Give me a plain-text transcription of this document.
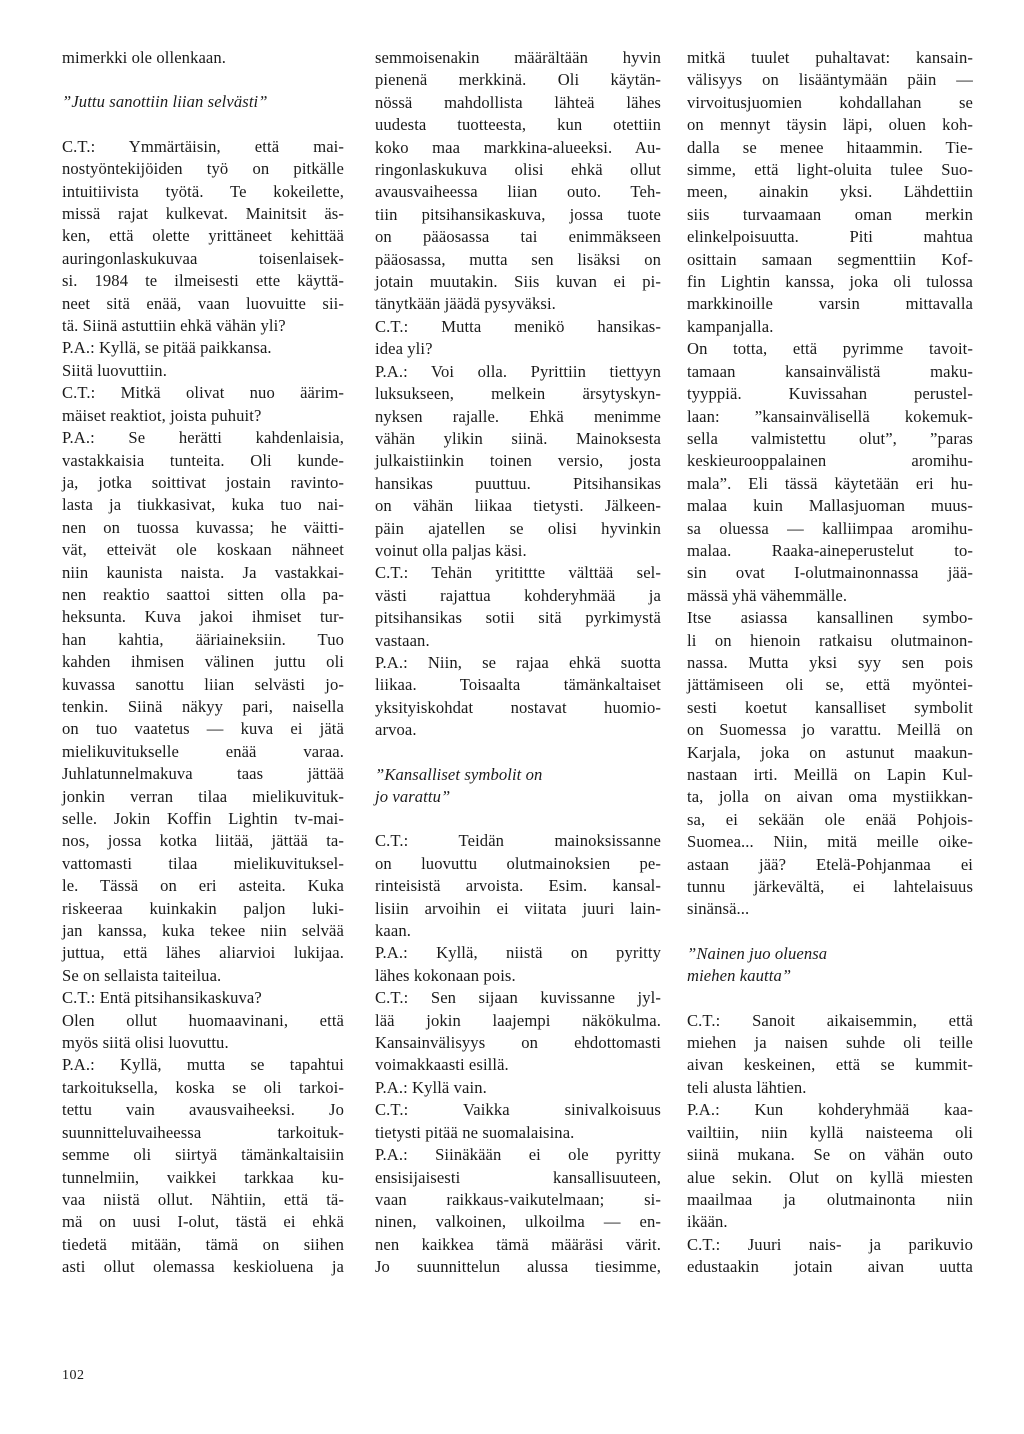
mimerkki ole ollenkaan.
”Juttu sanottiin liian selvästi”
C.T.: Ymmärtäisin, että mai-
nostyöntekijöiden työ on pitkälle
intuitiivista työtä. Te kokeilette,
missä rajat kulkevat. Mainitsit äs-
ken, että olette yrittäneet kehittää
auringonlaskukuvaa toisenlaisek-
si. 1984 te ilmeisesti ette käyttä-
neet sitä enää, vaan luovuitte sii-
tä. Siinä astuttiin ehkä vähän yli?
P.A.: Kyllä, se pitää paikkansa.
Siitä luovuttiin.
C.T.: Mitkä olivat nuo äärim-
mäiset reaktiot, joista puhuit?
P.A.: Se herätti kahdenlaisia,
vastakkaisia tunteita. Oli kunde-
ja, jotka soittivat jostain ravinto-
lasta ja tiukkasivat, kuka tuo nai-
nen on tuossa kuvassa; he väitti-
vät, etteivät ole koskaan nähneet
niin kaunista naista. Ja vastakkai-
nen reaktio saattoi sitten olla pa-
heksunta. Kuva jakoi ihmiset tur-
han kahtia, ääriaineksiin. Tuo
kahden ihmisen välinen juttu oli
kuvassa sanottu liian selvästi jo-
tenkin. Siinä näkyy pari, naisella
on tuo vaatetus — kuva ei jätä
mielikuvitukselle enää varaa.
Juhlatunnelmakuva taas jättää
jonkin verran tilaa mielikuvituk-
selle. Jokin Koffin Lightin tv-mai-
nos, jossa kotka liitää, jättää ta-
vattomasti tilaa mielikuvituksel-
le. Tässä on eri asteita. Kuka
riskeeraa kuinkakin paljon luki-
jan kanssa, kuka tekee niin selvää
juttua, että lähes aliarvioi lukijaa.
Se on sellaista taiteilua.
C.T.: Entä pitsihansikaskuva?
Olen ollut huomaavinani, että
myös siitä olisi luovuttu.
P.A.: Kyllä, mutta se tapahtui
tarkoituksella, koska se oli tarkoi-
tettu vain avausvaiheeksi. Jo
suunnitteluvaiheessa tarkoituk-
semme oli siirtyä tämänkaltaisiin
tunnelmiin, vaikkei tarkkaa ku-
vaa niistä ollut. Nähtiin, että tä-
mä on uusi I-olut, tästä ei ehkä
tiedetä mitään, tämä on siihen
asti ollut olemassa keskioluena ja
semmoisenakin määrältään hyvin
pienenä merkkinä. Oli käytän-
nössä mahdollista lähteä lähes
uudesta tuotteesta, kun otettiin
koko maa markkina-alueeksi. Au-
ringonlaskukuva olisi ehkä ollut
avausvaiheessa liian outo. Teh-
tiin pitsihansikaskuva, jossa tuote
on pääosassa tai enimmäkseen
pääosassa, mutta sen lisäksi on
jotain muutakin. Siis kuvan ei pi-
tänytkään jäädä pysyväksi.
C.T.: Mutta menikö hansikas-
idea yli?
P.A.: Voi olla. Pyrittiin tiettyyn
luksukseen, melkein ärsytyskyn-
nyksen rajalle. Ehkä menimme
vähän ylikin siinä. Mainoksesta
julkaistiinkin toinen versio, josta
hansikas puuttuu. Pitsihansikas
on vähän liikaa tietysti. Jälkeen-
päin ajatellen se olisi hyvinkin
voinut olla paljas käsi.
C.T.: Tehän yritittte välttää sel-
västi rajattua kohderyhmää ja
pitsihansikas sotii sitä pyrkimystä
vastaan.
P.A.: Niin, se rajaa ehkä suotta
liikaa. Toisaalta tämänkaltaiset
yksityiskohdat nostavat huomio-
arvoa.
”Kansalliset symbolit on
jo varattu”
C.T.: Teidän mainoksissanne
on luovuttu olutmainoksien pe-
rinteisistä arvoista. Esim. kansal-
lisiin arvoihin ei viitata juuri lain-
kaan.
P.A.: Kyllä, niistä on pyritty
lähes kokonaan pois.
C.T.: Sen sijaan kuvissanne jyl-
lää jokin laajempi näkökulma.
Kansainvälisyys on ehdottomasti
voimakkaasti esillä.
P.A.: Kyllä vain.
C.T.: Vaikka sinivalkoisuus
tietysti pitää ne suomalaisina.
P.A.: Siinäkään ei ole pyritty
ensisijaisesti kansallisuuteen,
vaan raikkaus-vaikutelmaan; si-
ninen, valkoinen, ulkoilma — en-
nen kaikkea tämä määräsi värit.
Jo suunnittelun alussa tiesimme,
mitkä tuulet puhaltavat: kansain-
välisyys on lisääntymään päin —
virvoitusjuomien kohdallahan se
on mennyt täysin läpi, oluen koh-
dalla se menee hitaammin. Tie-
simme, että light-oluita tulee Suo-
meen, ainakin yksi. Lähdettiin
siis turvaamaan oman merkin
elinkelpoisuutta. Piti mahtua
osittain samaan segmenttiin Kof-
fin Lightin kanssa, joka oli tulossa
markkinoille varsin mittavalla
kampanjalla.
On totta, että pyrimme tavoit-
tamaan kansainvälistä maku-
tyyppiä. Kuvissahan perustel-
laan: ”kansainvälisellä kokemuk-
sella valmistettu olut”, ”paras
keskieurooppalainen aromihu-
mala”. Eli tässä käytetään eri hu-
malaa kuin Mallasjuoman muus-
sa oluessa — kalliimpaa aromihu-
malaa. Raaka-aineperustelut to-
sin ovat I-olutmainonnassa jää-
mässä yhä vähemmälle.
Itse asiassa kansallinen symbo-
li on hienoin ratkaisu olutmainon-
nassa. Mutta yksi syy sen pois
jättämiseen oli se, että myöntei-
sesti koetut kansalliset symbolit
on Suomessa jo varattu. Meillä on
Karjala, joka on astunut maakun-
nastaan irti. Meillä on Lapin Kul-
ta, jolla on aivan oma mystiikkan-
sa, ei sekään ole enää Pohjois-
Suomea... Niin, mitä meille oike-
astaan jää? Etelä-Pohjanmaa ei
tunnu järkevältä, ei lahtelaisuus
sinänsä...
”Nainen juo oluensa
miehen kautta”
C.T.: Sanoit aikaisemmin, että
miehen ja naisen suhde oli teille
aivan keskeinen, että se kummit-
teli alusta lähtien.
P.A.: Kun kohderyhmää kaa-
vailtiin, niin kyllä naisteema oli
siinä mukana. Se on vähän outo
alue sekin. Olut on kyllä miesten
maailmaa ja olutmainonta niin
ikään.
C.T.: Juuri nais- ja parikuvio
edustaakin jotain aivan uutta
102
